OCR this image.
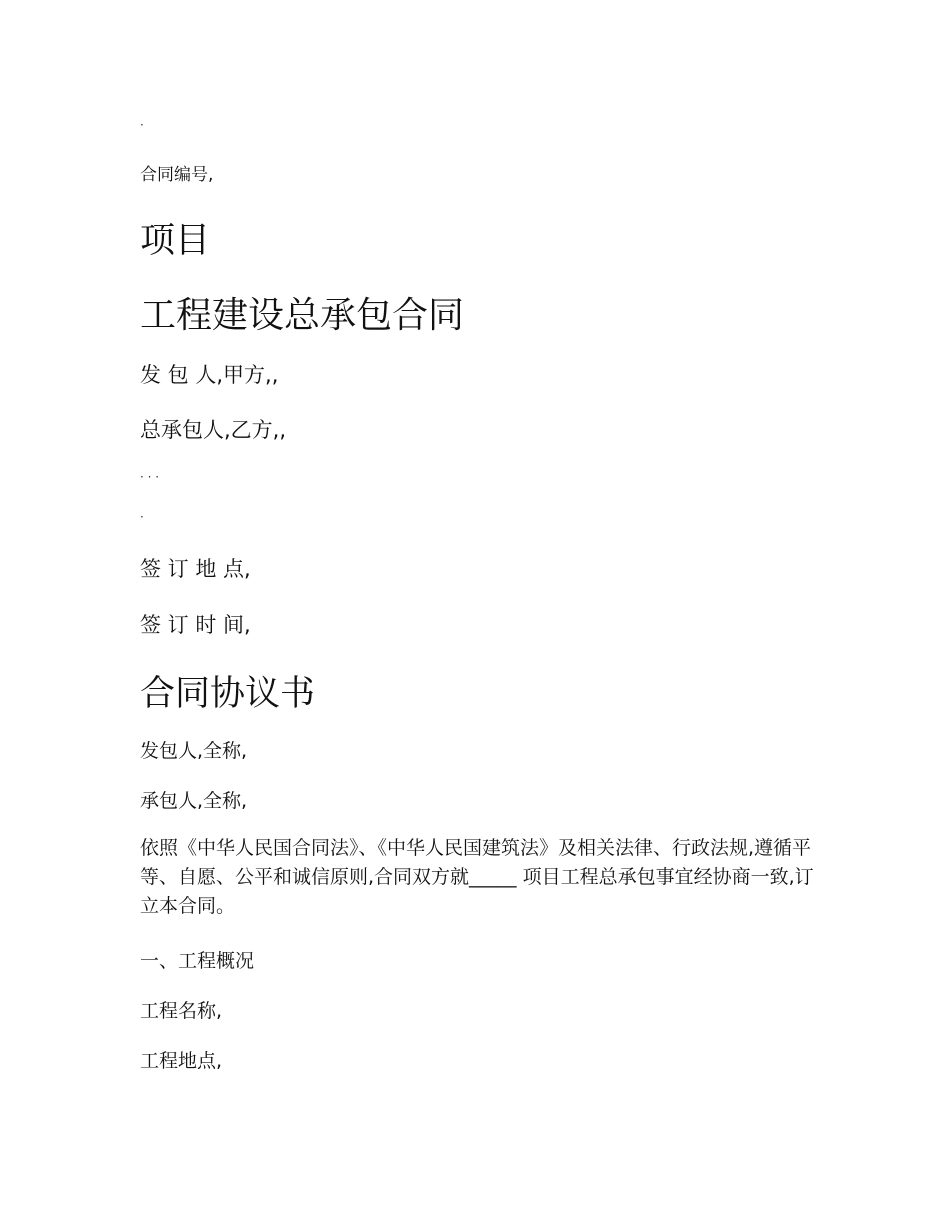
·

合同编号,

项目
工程建设总承包合同

发 包 人,甲方,,

总承包人,乙方,,

· · ·

·

签 订 地 点,

签 订 时 间,

合同协议书

发包人,全称,

承包人,全称,

依照《中华人民国合同法》、《中华人民国建筑法》及相关法律、行政法规,遵循平等、自愿、公平和诚信原则,合同双方就_____ 项目工程总承包事宜经协商一致,订立本合同。

一、工程概况

工程名称,

工程地点,
